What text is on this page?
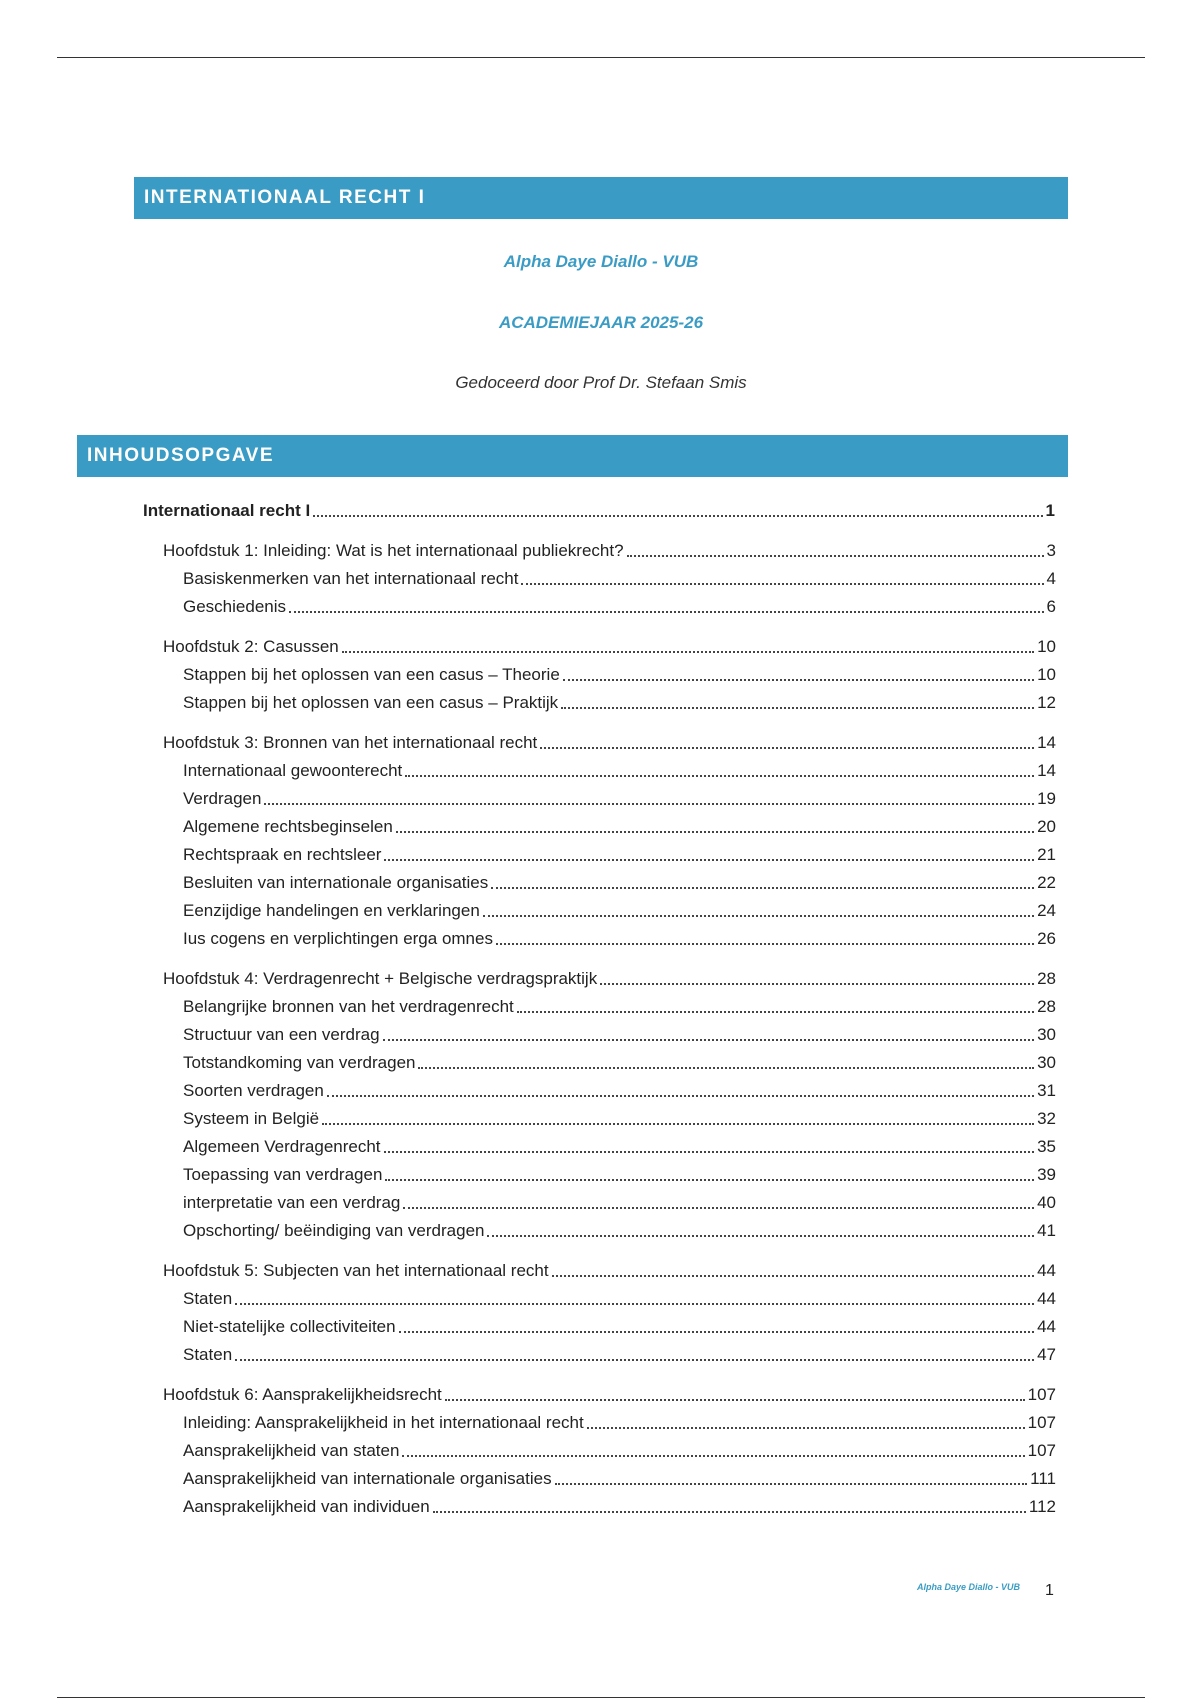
INTERNATIONAAL RECHT I
Alpha Daye Diallo - VUB
ACADEMIEJAAR 2025-26
Gedoceerd door Prof Dr. Stefaan Smis
INHOUDSOPGAVE
Internationaal recht I	1
Hoofdstuk 1: Inleiding: Wat is het internationaal publiekrecht?	3
Basiskenmerken van het internationaal recht	4
Geschiedenis	6
Hoofdstuk 2: Casussen	10
Stappen bij het oplossen van een casus – Theorie	10
Stappen bij het oplossen van een casus – Praktijk	12
Hoofdstuk 3: Bronnen van het internationaal recht	14
Internationaal gewoonterecht	14
Verdragen	19
Algemene rechtsbeginselen	20
Rechtspraak en rechtsleer	21
Besluiten van internationale organisaties	22
Eenzijdige handelingen en verklaringen	24
Ius cogens en verplichtingen erga omnes	26
Hoofdstuk 4: Verdragenrecht + Belgische verdragspraktijk	28
Belangrijke bronnen van het verdragenrecht	28
Structuur van een verdrag	30
Totstandkoming van verdragen	30
Soorten verdragen	31
Systeem in België	32
Algemeen Verdragenrecht	35
Toepassing van verdragen	39
interpretatie van een verdrag	40
Opschorting/ beëindiging van verdragen	41
Hoofdstuk 5: Subjecten van het internationaal recht	44
Staten	44
Niet-statelijke collectiviteiten	44
Staten	47
Hoofdstuk 6: Aansprakelijkheidsrecht	107
Inleiding: Aansprakelijkheid in het internationaal recht	107
Aansprakelijkheid van staten	107
Aansprakelijkheid van internationale organisaties	111
Aansprakelijkheid van individuen	112
Alpha Daye Diallo - VUB 1
